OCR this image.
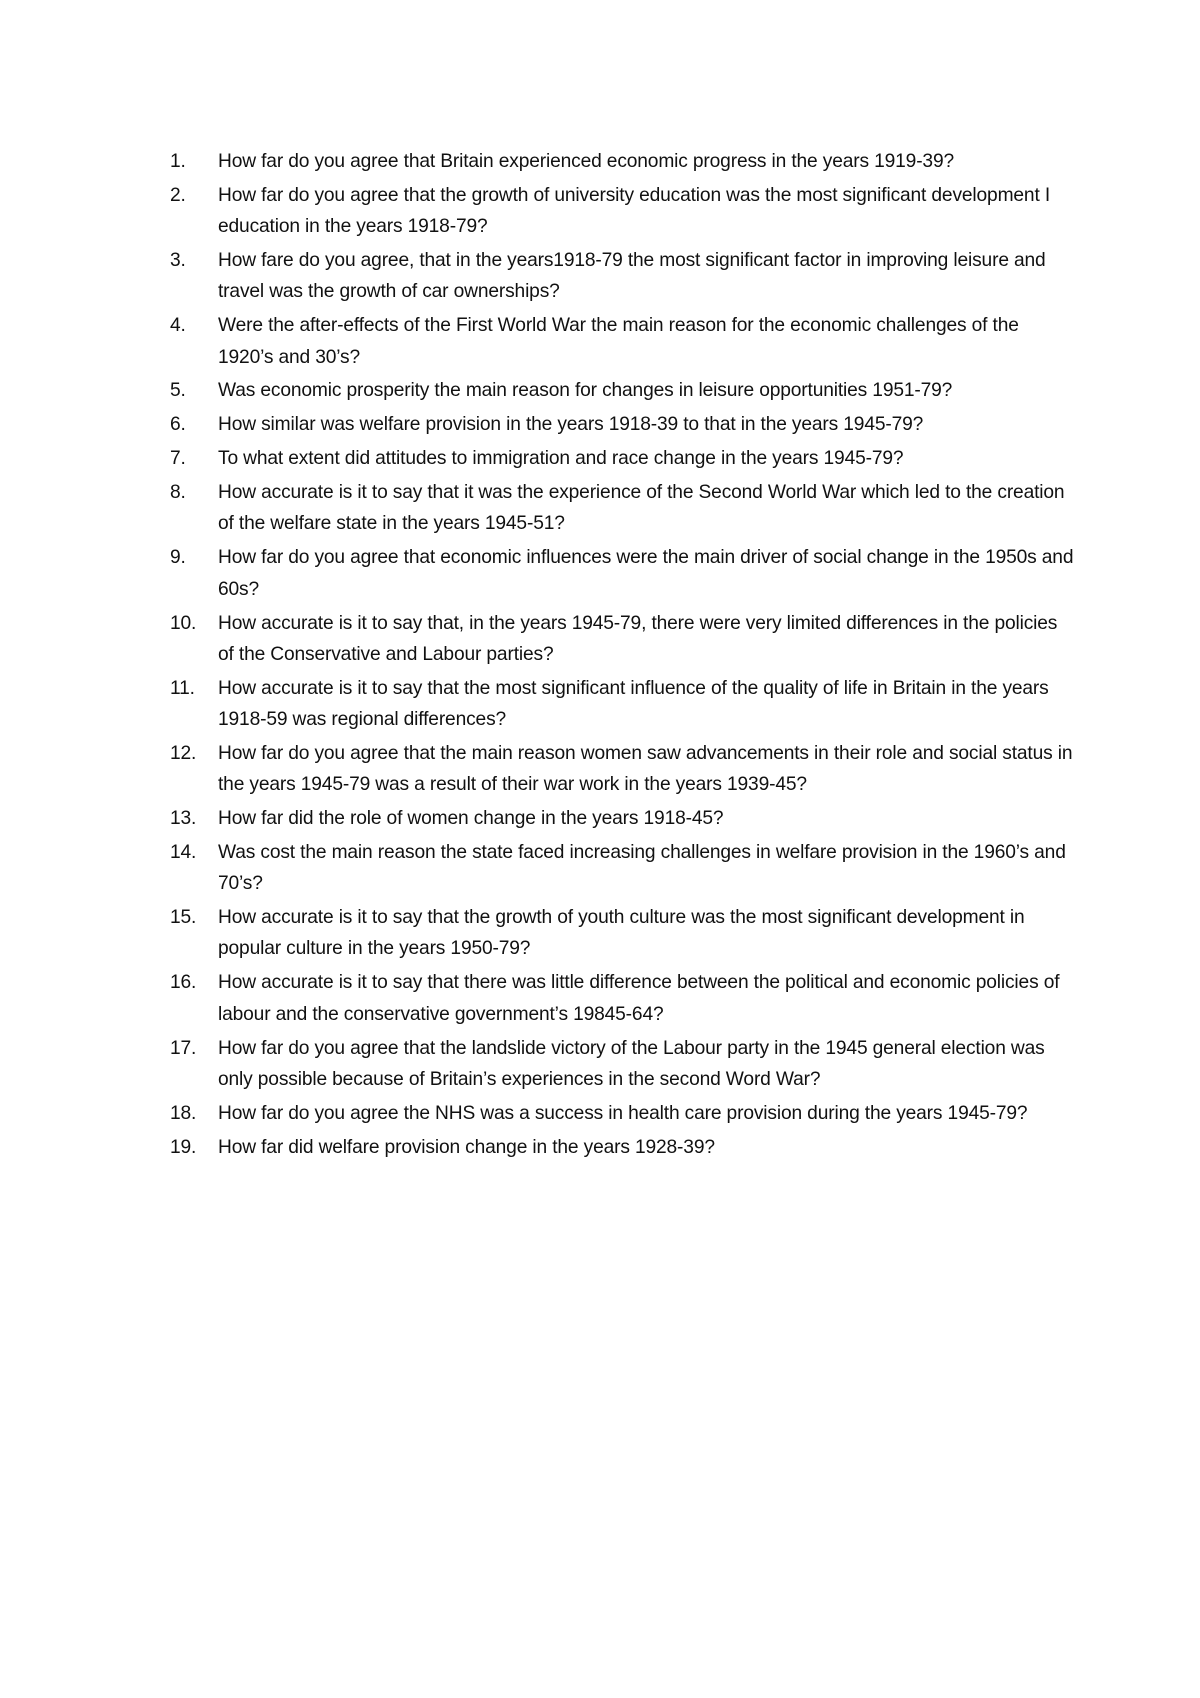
1.	How far do you agree that Britain experienced economic progress in the years 1919-39?
2.	How far do you agree that the growth of university education was the most significant development I education in the years 1918-79?
3.	How fare do you agree, that in the years1918-79 the most significant factor in improving leisure and travel was the growth of car ownerships?
4.	Were the after-effects of the First World War the main reason for the economic challenges of the 1920’s and 30’s?
5.	Was economic prosperity the main reason for changes in leisure opportunities 1951-79?
6.	How similar was welfare provision in the years 1918-39 to that in the years 1945-79?
7.	To what extent did attitudes to immigration and race change in the years 1945-79?
8.	How accurate is it to say that it was the experience of the Second World War which led to the creation of the welfare state in the years 1945-51?
9.	How far do you agree that economic influences were the main driver of social change in the 1950s and 60s?
10.	How accurate is it to say that, in the years 1945-79, there were very limited differences in the policies of the Conservative and Labour parties?
11.	How accurate is it to say that the most significant influence of the quality of life in Britain in the years 1918-59 was regional differences?
12.	How far do you agree that the main reason women saw advancements in their role and social status in the years 1945-79 was a result of their war work in the years 1939-45?
13.	How far did the role of women change in the years 1918-45?
14.	Was cost the main reason the state faced increasing challenges in welfare provision in the 1960’s and 70’s?
15.	How accurate is it to say that the growth of youth culture was the most significant development in popular culture in the years 1950-79?
16.	How accurate is it to say that there was little difference between the political and economic policies of labour and the conservative government’s 19845-64?
17.	How far do you agree that the landslide victory of the Labour party in the 1945 general election was only possible because of Britain’s experiences in the second Word War?
18.	How far do you agree the NHS was a success in health care provision during the years 1945-79?
19.	How far did welfare provision change in the years 1928-39?
